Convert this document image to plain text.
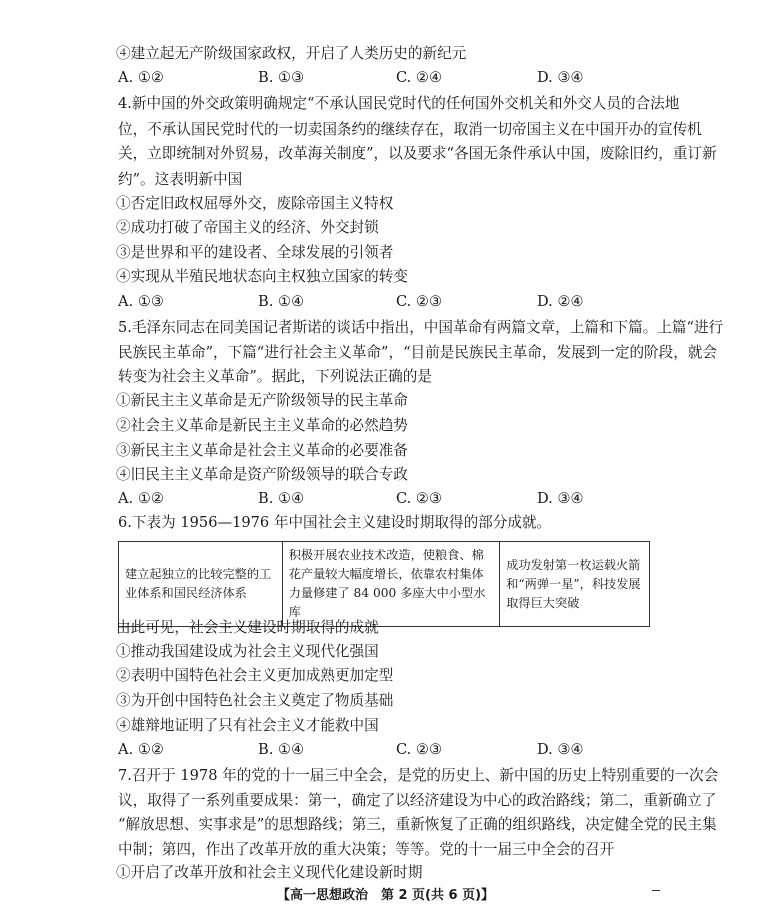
④建立起无产阶级国家政权，开启了人类历史的新纪元
A. ①②	B. ①③	C. ②④	D. ③④
4.新中国的外交政策明确规定“不承认国民党时代的任何国外交机关和外交人员的合法地
位，不承认国民党时代的一切卖国条约的继续存在，取消一切帝国主义在中国开办的宣传机
关，立即统制对外贸易，改革海关制度”，以及要求“各国无条件承认中国，废除旧约，重订新
约”。这表明新中国
①否定旧政权屈辱外交，废除帝国主义特权
②成功打破了帝国主义的经济、外交封锁
③是世界和平的建设者、全球发展的引领者
④实现从半殖民地状态向主权独立国家的转变
A. ①③	B. ①④	C. ②③	D. ②④
5.毛泽东同志在同美国记者斯诺的谈话中指出，中国革命有两篇文章，上篇和下篇。上篇“进行
民族民主革命”，下篇“进行社会主义革命”，“目前是民族民主革命，发展到一定的阶段，就会
转变为社会主义革命”。据此，下列说法正确的是
①新民主主义革命是无产阶级领导的民主革命
②社会主义革命是新民主主义革命的必然趋势
③新民主主义革命是社会主义革命的必要准备
④旧民主主义革命是资产阶级领导的联合专政
A. ①②	B. ①④	C. ②③	D. ③④
6.下表为 1956—1976 年中国社会主义建设时期取得的部分成就。
建立起独立的比较完整的工业体系和国民经济体系	积极开展农业技术改造，使粮食、棉花产量较大幅度增长，依靠农村集体力量修建了 84 000 多座大中小型水库	成功发射第一枚运载火箭和“两弹一星”，科技发展取得巨大突破
由此可见，社会主义建设时期取得的成就
①推动我国建设成为社会主义现代化强国
②表明中国特色社会主义更加成熟更加定型
③为开创中国特色社会主义奠定了物质基础
④雄辩地证明了只有社会主义才能救中国
A. ①②	B. ①④	C. ②③	D. ③④
7.召开于 1978 年的党的十一届三中全会，是党的历史上、新中国的历史上特别重要的一次会
议，取得了一系列重要成果：第一，确定了以经济建设为中心的政治路线；第二，重新确立了
“解放思想、实事求是”的思想路线；第三，重新恢复了正确的组织路线，决定健全党的民主集
中制；第四，作出了改革开放的重大决策；等等。党的十一届三中全会的召开
①开启了改革开放和社会主义现代化建设新时期
【高一思想政治　第 2 页(共 6 页)】
